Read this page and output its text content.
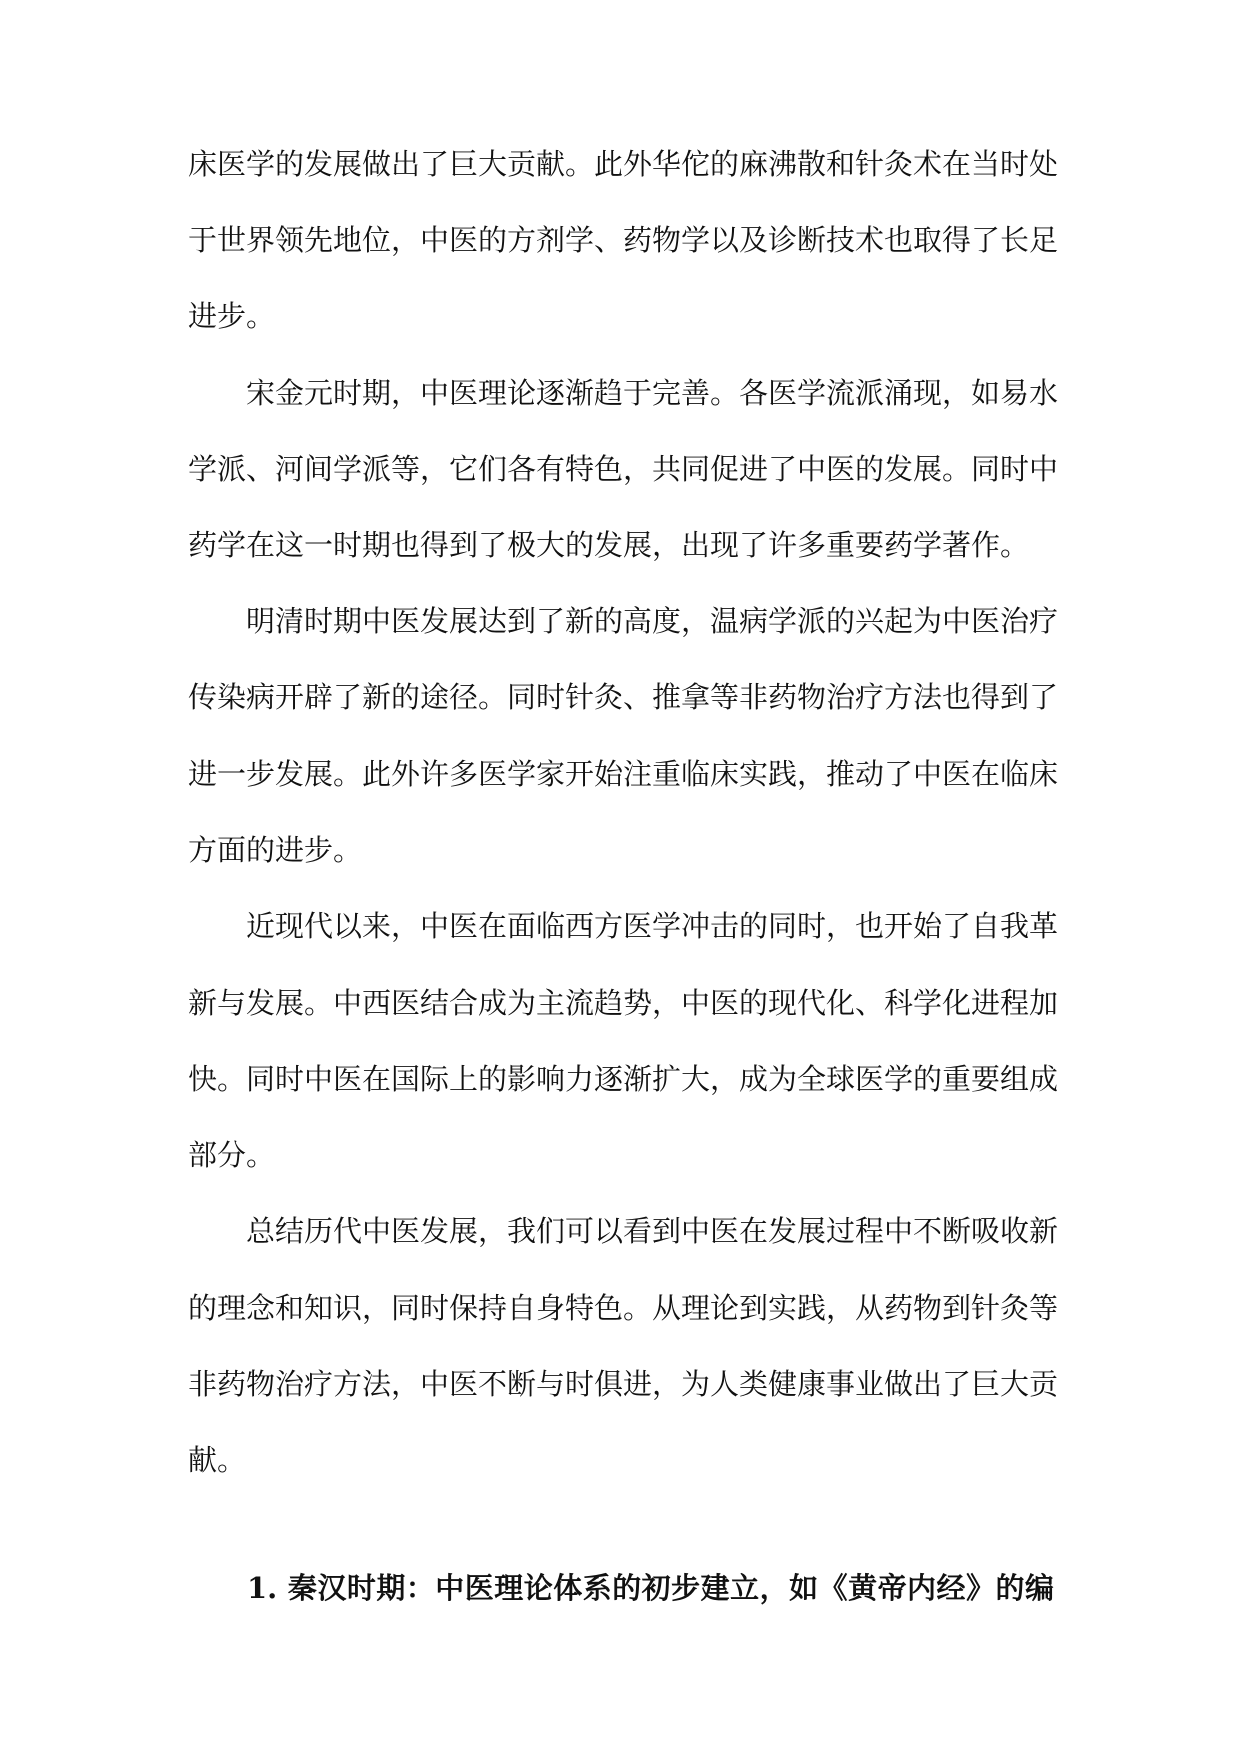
床医学的发展做出了巨大贡献。此外华佗的麻沸散和针灸术在当时处
于世界领先地位，中医的方剂学、药物学以及诊断技术也取得了长足
进步。
宋金元时期，中医理论逐渐趋于完善。各医学流派涌现，如易水
学派、河间学派等，它们各有特色，共同促进了中医的发展。同时中
药学在这一时期也得到了极大的发展，出现了许多重要药学著作。
明清时期中医发展达到了新的高度，温病学派的兴起为中医治疗
传染病开辟了新的途径。同时针灸、推拿等非药物治疗方法也得到了
进一步发展。此外许多医学家开始注重临床实践，推动了中医在临床
方面的进步。
近现代以来，中医在面临西方医学冲击的同时，也开始了自我革
新与发展。中西医结合成为主流趋势，中医的现代化、科学化进程加
快。同时中医在国际上的影响力逐渐扩大，成为全球医学的重要组成
部分。
总结历代中医发展，我们可以看到中医在发展过程中不断吸收新
的理念和知识，同时保持自身特色。从理论到实践，从药物到针灸等
非药物治疗方法，中医不断与时俱进，为人类健康事业做出了巨大贡
献。
1. 秦汉时期：中医理论体系的初步建立，如《黄帝内经》的编
